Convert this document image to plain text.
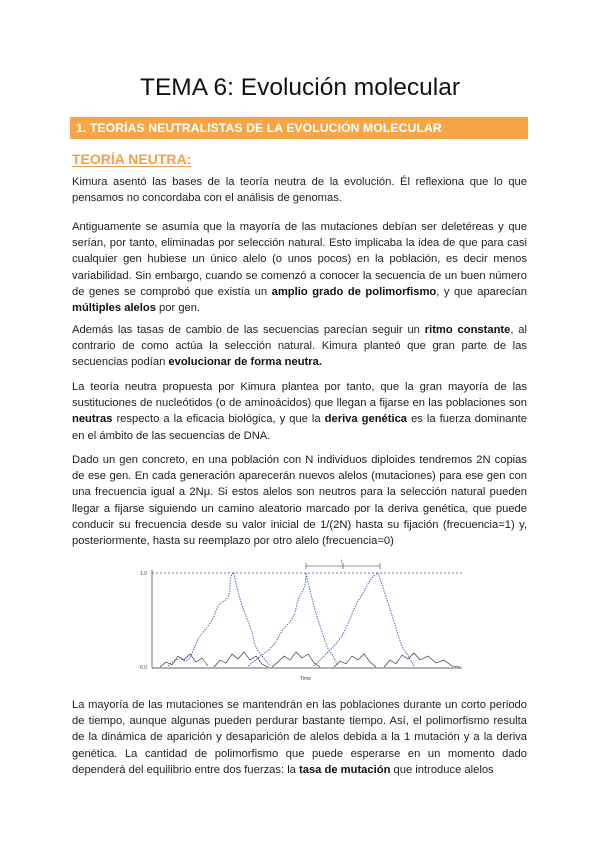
TEMA 6: Evolución molecular
1. TEORÍAS NEUTRALISTAS DE LA EVOLUCIÓN MOLECULAR
TEORÍA NEUTRA:

Kimura asentó las bases de la teoría neutra de la evolución. Él reflexiona que lo que pensamos no concordaba con el análisis de genomas.

Antiguamente se asumía que la mayoría de las mutaciones debían ser deletéreas y que serían, por tanto, eliminadas por selección natural. Esto implicaba la idea de que para casi cualquier gen hubiese un único alelo (o unos pocos) en la población, es decir menos variabilidad. Sin embargo, cuando se comenzó a conocer la secuencia de un buen número de genes se comprobó que existía un amplio grado de polimorfismo, y que aparecían múltiples alelos por gen.

Además las tasas de cambio de las secuencias parecían seguir un ritmo constante, al contrario de como actúa la selección natural. Kimura planteó que gran parte de las secuencias podían evolucionar de forma neutra.

La teoría neutra propuesta por Kimura plantea por tanto, que la gran mayoría de las sustituciones de nucleótidos (o de aminoácidos) que llegan a fijarse en las poblaciones son neutras respecto a la eficacia biológica, y que la deriva genética es la fuerza dominante en el ámbito de las secuencias de DNA.

Dado un gen concreto, en una población con N individuos diploides tendremos 2N copias de ese gen. En cada generación aparecerán nuevos alelos (mutaciones) para ese gen con una frecuencia igual a 2Nμ. Si estos alelos son neutros para la selección natural pueden llegar a fijarse siguiendo un camino aleatorio marcado por la deriva genética, que puede conducir su frecuencia desde su valor inicial de 1/(2N) hasta su fijación (frecuencia=1) y, posteriormente, hasta su reemplazo por otro alelo (frecuencia=0)

1.0
0.0
Time
t

La mayoría de las mutaciones se mantendrán en las poblaciones durante un corto periodo de tiempo, aunque algunas pueden perdurar bastante tiempo. Así, el polimorfismo resulta de la dinámica de aparición y desaparición de alelos debida a la 1 mutación y a la deriva genética. La cantidad de polimorfismo que puede esperarse en un momento dado dependerá del equilibrio entre dos fuerzas: la tasa de mutación que introduce alelos
